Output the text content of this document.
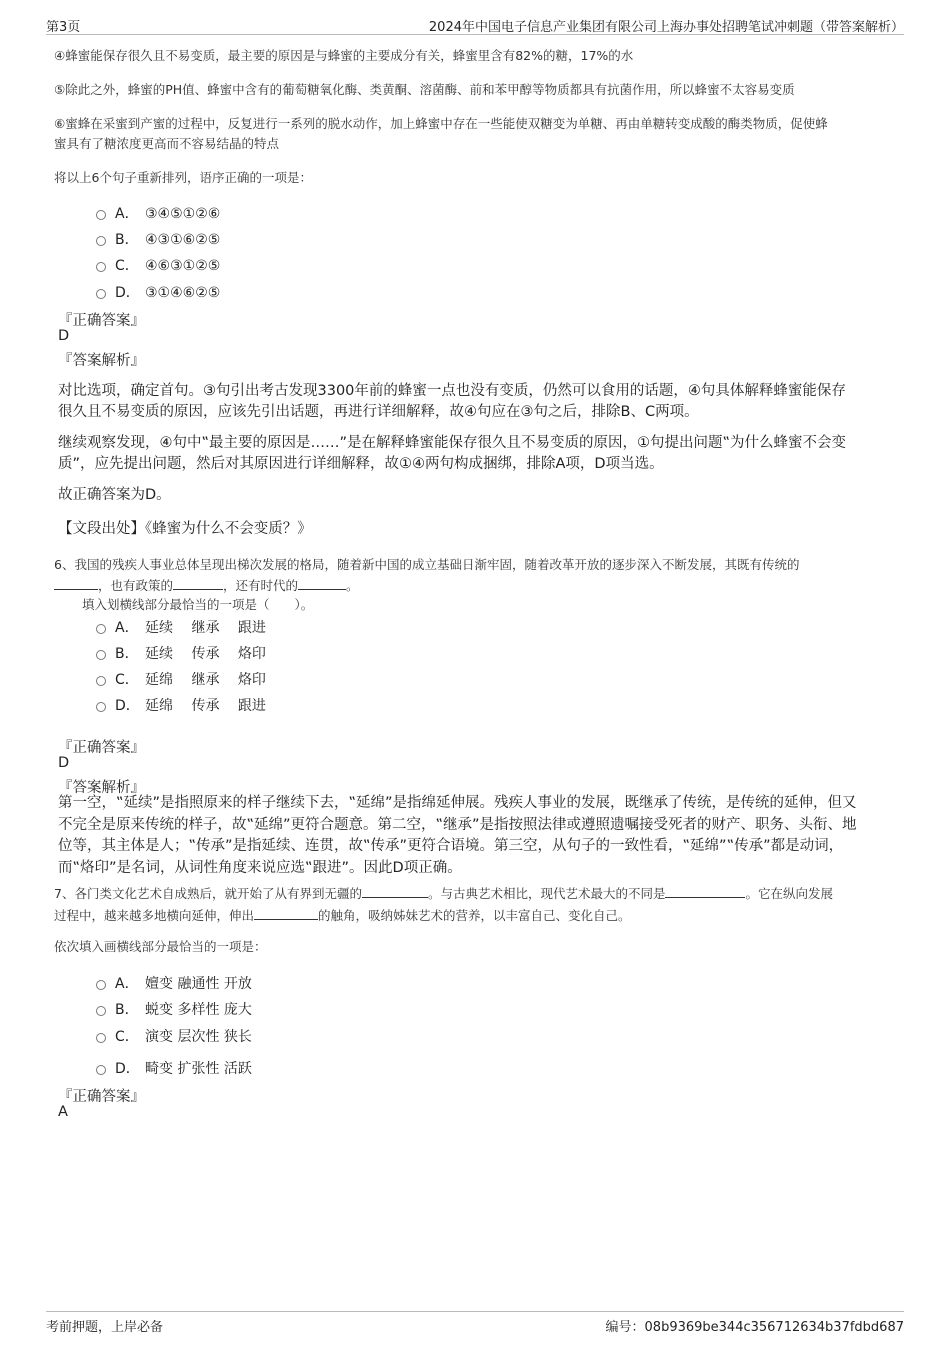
第3页	2024年中国电子信息产业集团有限公司上海办事处招聘笔试冲刺题（带答案解析）
④蜂蜜能保存很久且不易变质，最主要的原因是与蜂蜜的主要成分有关，蜂蜜里含有82%的糖，17%的水
⑤除此之外，蜂蜜的PH值、蜂蜜中含有的葡萄糖氧化酶、类黄酮、溶菌酶、前和苯甲醇等物质都具有抗菌作用，所以蜂蜜不太容易变质
⑥蜜蜂在采蜜到产蜜的过程中，反复进行一系列的脱水动作，加上蜂蜜中存在一些能使双糖变为单糖、再由单糖转变成酸的酶类物质，促使蜂
蜜具有了糖浓度更高而不容易结晶的特点
将以上6个句子重新排列，语序正确的一项是：
A． ③④⑤①②⑥
B． ④③①⑥②⑤
C． ④⑥③①②⑤
D． ③①④⑥②⑤
『正确答案』
D
『答案解析』
对比选项，确定首句。③句引出考古发现3300年前的蜂蜜一点也没有变质，仍然可以食用的话题，④句具体解释蜂蜜能保存
很久且不易变质的原因，应该先引出话题，再进行详细解释，故④句应在③句之后，排除B、C两项。
继续观察发现，④句中‟最主要的原因是……”是在解释蜂蜜能保存很久且不易变质的原因，①句提出问题‟为什么蜂蜜不会变
质”，应先提出问题，然后对其原因进行详细解释，故①④两句构成捆绑，排除A项，D项当选。
故正确答案为D。
【文段出处】《蜂蜜为什么不会变质？》
6、我国的残疾人事业总体呈现出梯次发展的格局，随着新中国的成立基础日渐牢固，随着改革开放的逐步深入不断发展，其既有传统的
，也有政策的	，还有时代的	。
填入划横线部分最恰当的一项是（　　）。
A． 延续　 继承　 跟进
B． 延续　 传承　 烙印
C． 延绵　 继承　 烙印
D． 延绵　 传承　 跟进
『正确答案』
D
『答案解析』
第一空，‟延续”是指照原来的样子继续下去，‟延绵”是指绵延伸展。残疾人事业的发展，既继承了传统，是传统的延伸，但又
不完全是原来传统的样子，故‟延绵”更符合题意。第二空，‟继承”是指按照法律或遵照遗嘱接受死者的财产、职务、头衔、地
位等，其主体是人；‟传承”是指延续、连贯，故‟传承”更符合语境。第三空，从句子的一致性看，‟延绵”‟传承”都是动词，
而‟烙印”是名词，从词性角度来说应选‟跟进”。因此D项正确。
7、各门类文化艺术自成熟后，就开始了从有界到无疆的	。与古典艺术相比，现代艺术最大的不同是	。它在纵向发展
过程中，越来越多地横向延伸，伸出	的触角，吸纳姊妹艺术的营养，以丰富自己、变化自己。
依次填入画横线部分最恰当的一项是：
A． 嬗变 融通性 开放
B． 蜕变 多样性 庞大
C． 演变 层次性 狭长
D． 畸变 扩张性 活跃
『正确答案』
A
考前押题，上岸必备	编号：08b9369be344c356712634b37fdbd687
